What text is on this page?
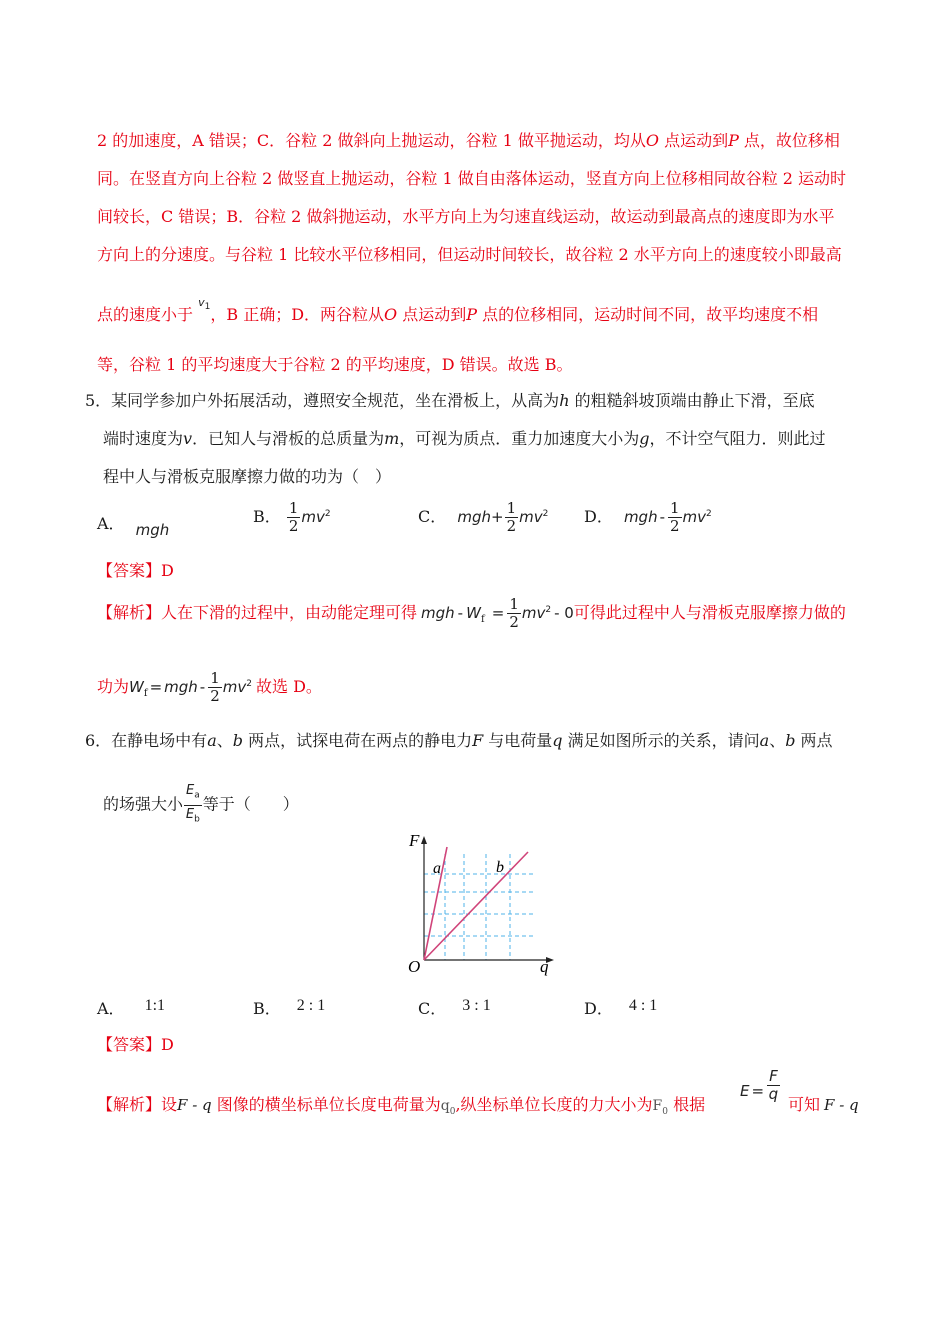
2 的加速度，A 错误；C．谷粒 2 做斜向上抛运动，谷粒 1 做平抛运动，均从O 点运动到P 点，故位移相
同。在竖直方向上谷粒 2 做竖直上抛运动，谷粒 1 做自由落体运动，竖直方向上位移相同故谷粒 2 运动时
间较长，C 错误；B．谷粒 2 做斜抛运动，水平方向上为匀速直线运动，故运动到最高点的速度即为水平
方向上的分速度。与谷粒 1 比较水平位移相同，但运动时间较长，故谷粒 2 水平方向上的速度较小即最高
点的速度小于 $^{v_1}$，B 正确；D．两谷粒从O 点运动到P 点的位移相同，运动时间不同，故平均速度不相
等，谷粒 1 的平均速度大于谷粒 2 的平均速度，D 错误。故选 B。
5．某同学参加户外拓展活动，遵照安全规范，坐在滑板上，从高为h 的粗糙斜坡顶端由静止下滑，至底
端时速度为v．已知人与滑板的总质量为m，可视为质点．重力加速度大小为g，不计空气阻力．则此过
程中人与滑板克服摩擦力做的功为（　）
A． mgh
B． $\frac{1}{2} mv^2$	C． $mgh+ \frac{1}{2} mv^2$ D． mgh - $\frac{1}{2} mv^2$
【答案】D
【解析】人在下滑的过程中，由动能定理可得 mgh - $W_f = \frac{1}{2} mv^2 - 0$可得此过程中人与滑板克服摩擦力做的
功为$W_f$ = mgh - $\frac{1}{2} mv^2$ 故选 D。
6．在静电场中有a、b 两点，试探电荷在两点的静电力F 与电荷量q 满足如图所示的关系，请问a、b 两点
的场强大小 $\frac{E_a}{E_b}$ 等于（　　）
F
q
O
a	b
A． 1:1	B． 2 : 1	C． 3 : 1	D． 4 : 1
【答案】D
【解析】设F - q 图像的横坐标单位长度电荷量为$q_0$,纵坐标单位长度的力大小为$F_0$ 根据
$E = \frac{F}{q}$
可知 F - q
